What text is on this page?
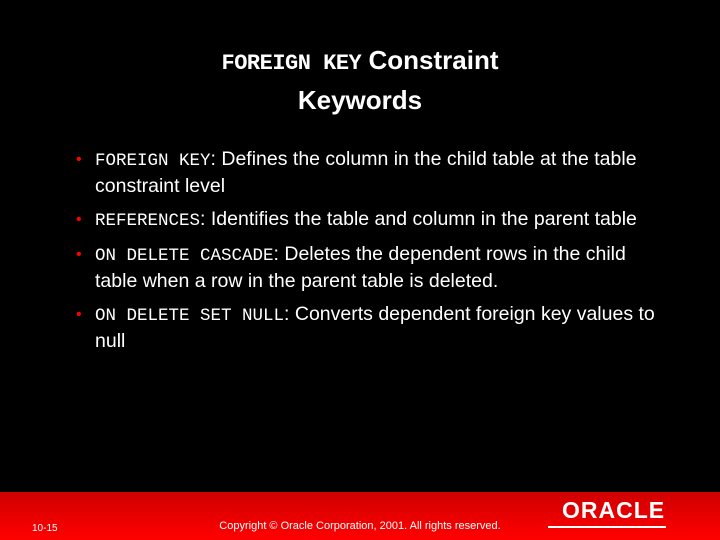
FOREIGN KEY Constraint
Keywords
• FOREIGN KEY: Defines the column in the child table at the table constraint level
• REFERENCES: Identifies the table and column in the parent table
• ON DELETE CASCADE: Deletes the dependent rows in the child table when a row in the parent table is deleted.
• ON DELETE SET NULL: Converts dependent foreign key values to null
10-15	Copyright © Oracle Corporation, 2001. All rights reserved.
ORACLE
